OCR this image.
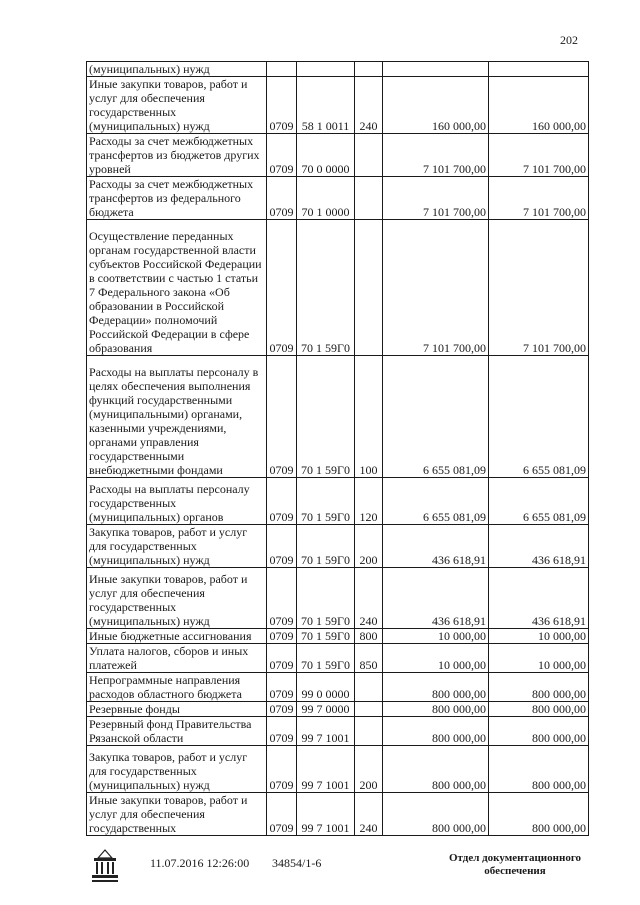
202
(муниципальных) нужд					
Иные закупки товаров, работ и услуг для обеспечения государственных (муниципальных) нужд	0709	58 1 0011	240	160 000,00	160 000,00
Расходы за счет межбюджетных трансфертов из бюджетов других уровней	0709	70 0 0000		7 101 700,00	7 101 700,00
Расходы за счет межбюджетных трансфертов из федерального бюджета	0709	70 1 0000		7 101 700,00	7 101 700,00
Осуществление переданных органам государственной власти субъектов Российской Федерации в соответствии с частью 1 статьи 7 Федерального закона «Об образовании в Российской Федерации» полномочий Российской Федерации в сфере образования	0709	70 1 59Г0		7 101 700,00	7 101 700,00
Расходы на выплаты персоналу в целях обеспечения выполнения функций государственными (муниципальными) органами, казенными учреждениями, органами управления государственными внебюджетными фондами	0709	70 1 59Г0	100	6 655 081,09	6 655 081,09
Расходы на выплаты персоналу государственных (муниципальных) органов	0709	70 1 59Г0	120	6 655 081,09	6 655 081,09
Закупка товаров, работ и услуг для государственных (муниципальных) нужд	0709	70 1 59Г0	200	436 618,91	436 618,91
Иные закупки товаров, работ и услуг для обеспечения государственных (муниципальных) нужд	0709	70 1 59Г0	240	436 618,91	436 618,91
Иные бюджетные ассигнования	0709	70 1 59Г0	800	10 000,00	10 000,00
Уплата налогов, сборов и иных платежей	0709	70 1 59Г0	850	10 000,00	10 000,00
Непрограммные направления расходов областного бюджета	0709	99 0 0000		800 000,00	800 000,00
Резервные фонды	0709	99 7 0000		800 000,00	800 000,00
Резервный фонд Правительства Рязанской области	0709	99 7 1001		800 000,00	800 000,00
Закупка товаров, работ и услуг для государственных (муниципальных) нужд	0709	99 7 1001	200	800 000,00	800 000,00
Иные закупки товаров, работ и услуг для обеспечения государственных	0709	99 7 1001	240	800 000,00	800 000,00
11.07.2016 12:26:00 34854/1-6	Отдел документационного обеспечения
